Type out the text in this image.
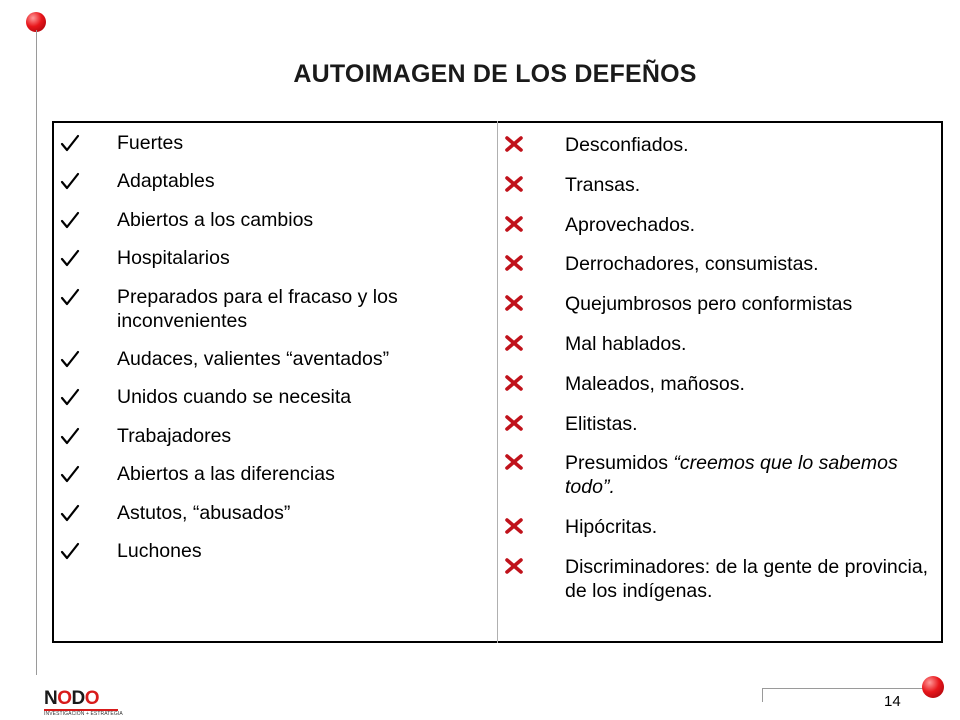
AUTOIMAGEN DE LOS DEFEÑOS
Fuertes
Adaptables
Abiertos a los cambios
Hospitalarios
Preparados para el fracaso y los inconvenientes
Audaces, valientes “aventados”
Unidos cuando se necesita
Trabajadores
Abiertos a las diferencias
Astutos, “abusados”
Luchones
Desconfiados.
Transas.
Aprovechados.
Derrochadores, consumistas.
Quejumbrosos pero conformistas
Mal hablados.
Maleados, mañosos.
Elitistas.
Presumidos “creemos que lo sabemos todo”.
Hipócritas.
Discriminadores: de la gente de provincia, de los indígenas.
NODO
INVESTIGACIÓN + ESTRATEGIA
14
